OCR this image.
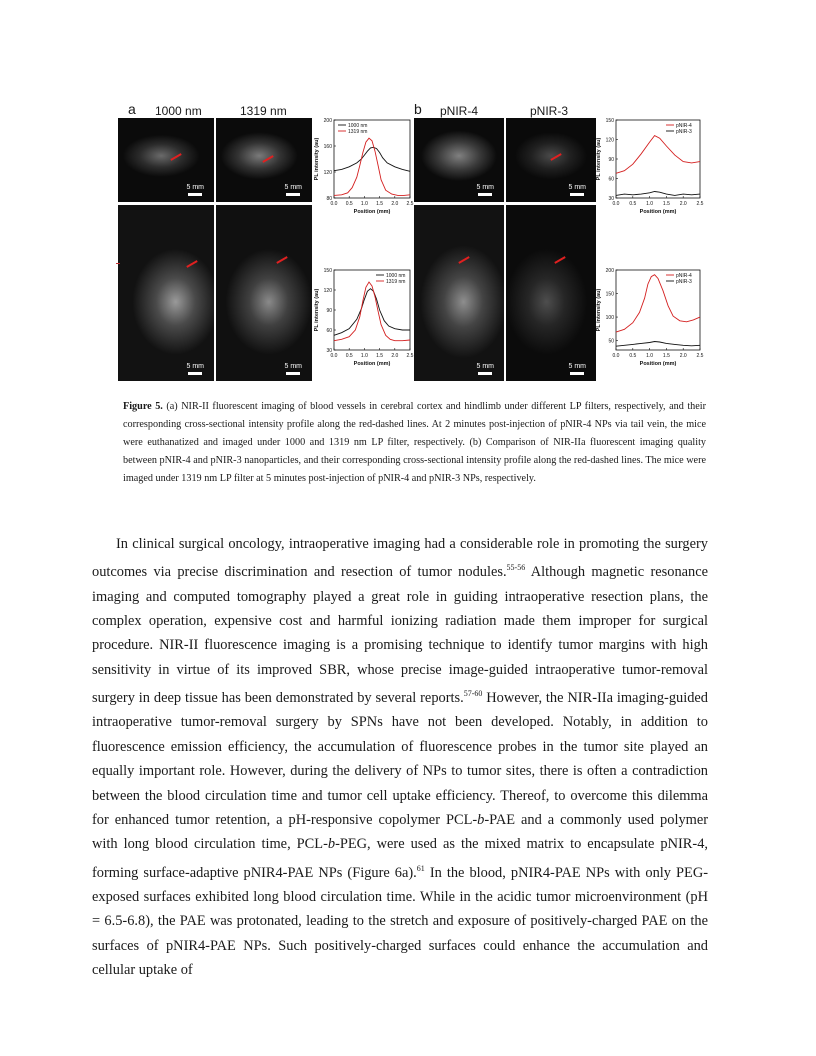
a 1000 nm	1319 nm	b pNIR-4	pNIR-3
5 mm	5 mm	5 mm	5 mm
5 mm	5 mm	5 mm	5 mm
0.0 0.5 1.0 1.5 2.0 2.5
80
120
160
200
Position (mm)
PL intensity (au)
1000 nm
1319 nm
0.0 0.5 1.0 1.5 2.0 2.5
30
60
90
120
150
Position (mm)
PL intensity (au)
pNIR-4
pNIR-3
0.0 0.5 1.0 1.5 2.0 2.5
30
60
90
120
150
Position (mm)
PL intensity (au)
1000 nm
1319 nm
0.0 0.5 1.0 1.5 2.0 2.5
50
100
150
200
Position (mm)
PL intensity (au)
pNIR-4
pNIR-3
Figure 5. (a) NIR-II fluorescent imaging of blood vessels in cerebral cortex and hindlimb under different LP filters, respectively, and their corresponding cross-sectional intensity profile along the red-dashed lines. At 2 minutes post-injection of pNIR-4 NPs via tail vein, the mice were euthanatized and imaged under 1000 and 1319 nm LP filter, respectively. (b) Comparison of NIR-IIa fluorescent imaging quality between pNIR-4 and pNIR-3 nanoparticles, and their corresponding cross-sectional intensity profile along the red-dashed lines. The mice were imaged under 1319 nm LP filter at 5 minutes post-injection of pNIR-4 and pNIR-3 NPs, respectively.

In clinical surgical oncology, intraoperative imaging had a considerable role in promoting the surgery outcomes via precise discrimination and resection of tumor nodules.$^{55-56}$ Although magnetic resonance imaging and computed tomography played a great role in guiding intraoperative resection plans, the complex operation, expensive cost and harmful ionizing radiation made them improper for surgical procedure. NIR-II fluorescence imaging is a promising technique to identify tumor margins with high sensitivity in virtue of its improved SBR, whose precise image-guided intraoperative tumor-removal surgery in deep tissue has been demonstrated by several reports.$^{57-60}$ However, the NIR-IIa imaging-guided intraoperative tumor-removal surgery by SPNs have not been developed. Notably, in addition to fluorescence emission efficiency, the accumulation of fluorescence probes in the tumor site played an equally important role. However, during the delivery of NPs to tumor sites, there is often a contradiction between the blood circulation time and tumor cell uptake efficiency. Thereof, to overcome this dilemma for enhanced tumor retention, a pH-responsive copolymer PCL-b-PAE and a commonly used polymer with long blood circulation time, PCL-b-PEG, were used as the mixed matrix to encapsulate pNIR-4, forming surface-adaptive pNIR4-PAE NPs (Figure 6a).$^{61}$ In the blood, pNIR4-PAE NPs with only PEG-exposed surfaces exhibited long blood circulation time. While in the acidic tumor microenvironment (pH = 6.5-6.8), the PAE was protonated, leading to the stretch and exposure of positively-charged PAE on the surfaces of pNIR4-PAE NPs. Such positively-charged surfaces could enhance the accumulation and cellular uptake of
